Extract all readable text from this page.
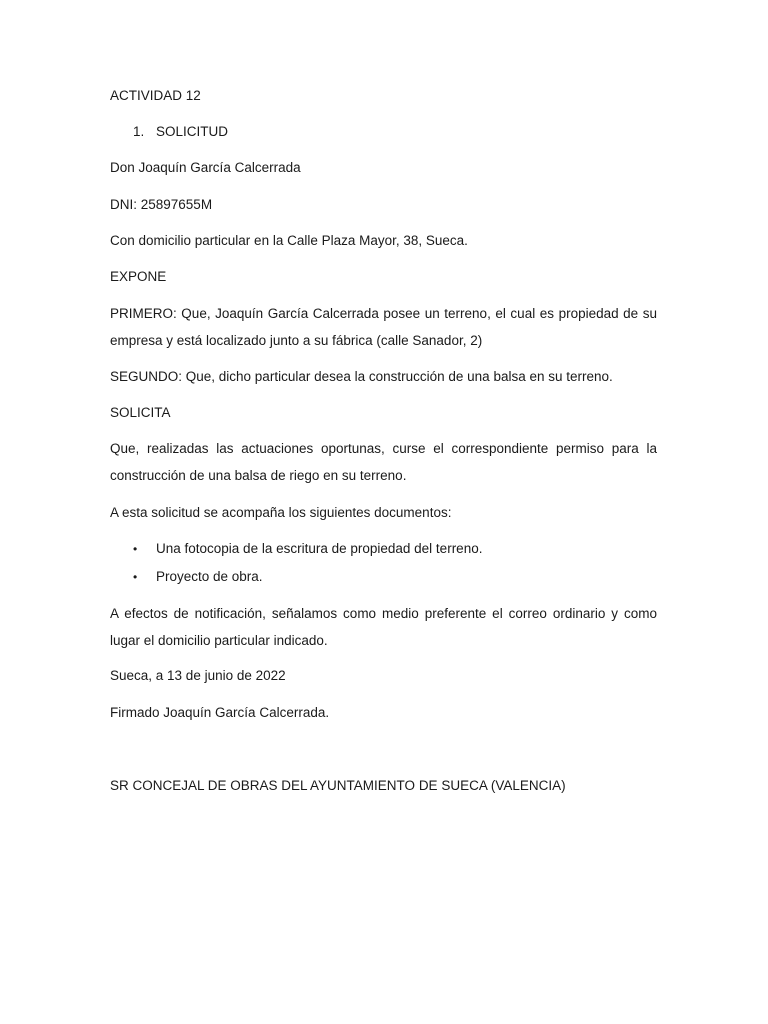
ACTIVIDAD 12
1. SOLICITUD
Don Joaquín García Calcerrada
DNI: 25897655M
Con domicilio particular en la Calle Plaza Mayor, 38, Sueca.
EXPONE
PRIMERO: Que, Joaquín García Calcerrada posee un terreno, el cual es propiedad de su empresa y está localizado junto a su fábrica (calle Sanador, 2)
SEGUNDO: Que, dicho particular desea la construcción de una balsa en su terreno.
SOLICITA
Que, realizadas las actuaciones oportunas, curse el correspondiente permiso para la construcción de una balsa de riego en su terreno.
A esta solicitud se acompaña los siguientes documentos:
• Una fotocopia de la escritura de propiedad del terreno.
• Proyecto de obra.
A efectos de notificación, señalamos como medio preferente el correo ordinario y como lugar el domicilio particular indicado.
Sueca, a 13 de junio de 2022
Firmado Joaquín García Calcerrada.
SR CONCEJAL DE OBRAS DEL AYUNTAMIENTO DE SUECA (VALENCIA)
